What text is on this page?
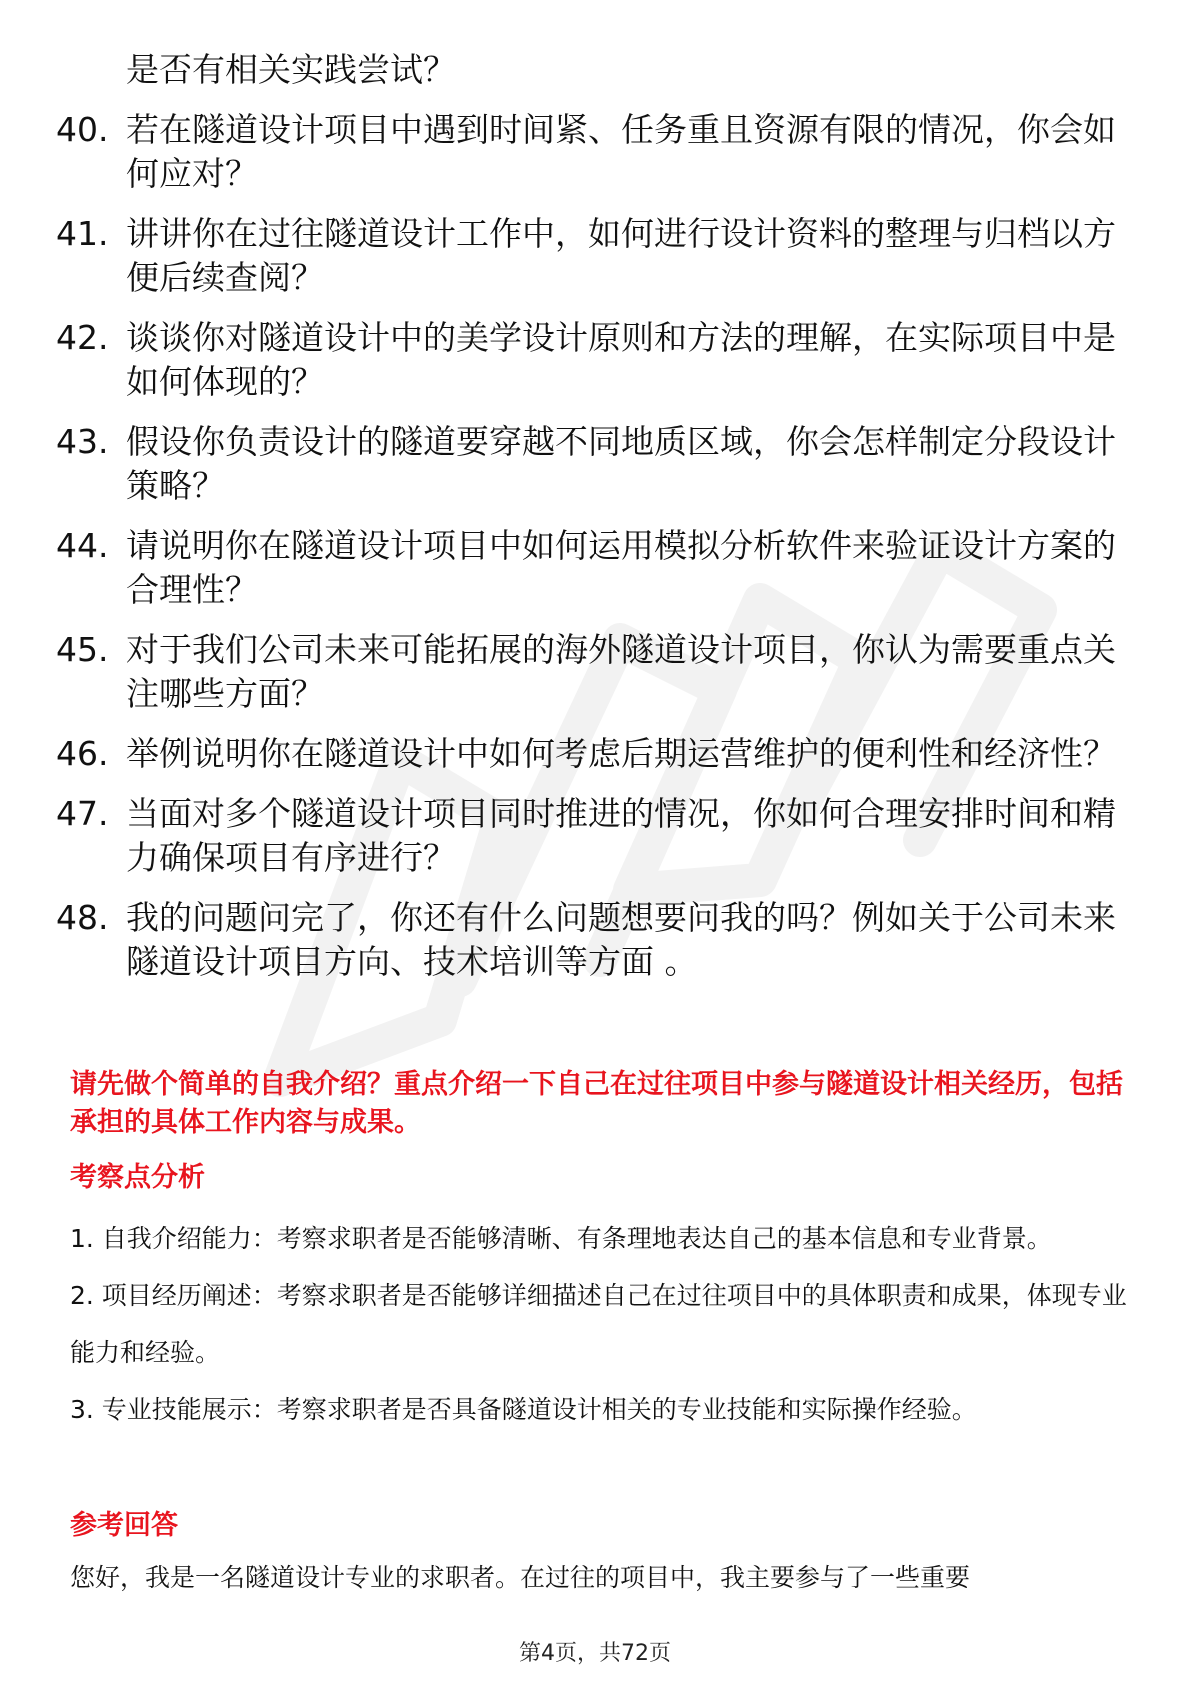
是否有相关实践尝试？
40. 若在隧道设计项目中遇到时间紧、任务重且资源有限的情况，你会如何应对？
41. 讲讲你在过往隧道设计工作中，如何进行设计资料的整理与归档以方便后续查阅？
42. 谈谈你对隧道设计中的美学设计原则和方法的理解，在实际项目中是如何体现的？
43. 假设你负责设计的隧道要穿越不同地质区域，你会怎样制定分段设计策略？
44. 请说明你在隧道设计项目中如何运用模拟分析软件来验证设计方案的合理性？
45. 对于我们公司未来可能拓展的海外隧道设计项目，你认为需要重点关注哪些方面？
46. 举例说明你在隧道设计中如何考虑后期运营维护的便利性和经济性？
47. 当面对多个隧道设计项目同时推进的情况，你如何合理安排时间和精力确保项目有序进行？
48. 我的问题问完了，你还有什么问题想要问我的吗？例如关于公司未来隧道设计项目方向、技术培训等方面 。
请先做个简单的自我介绍？重点介绍一下自己在过往项目中参与隧道设计相关经历，包括承担的具体工作内容与成果。
考察点分析
1. 自我介绍能力：考察求职者是否能够清晰、有条理地表达自己的基本信息和专业背景。
2. 项目经历阐述：考察求职者是否能够详细描述自己在过往项目中的具体职责和成果，体现专业能力和经验。
3. 专业技能展示：考察求职者是否具备隧道设计相关的专业技能和实际操作经验。
参考回答
您好，我是一名隧道设计专业的求职者。在过往的项目中，我主要参与了一些重要
第4页，共72页
